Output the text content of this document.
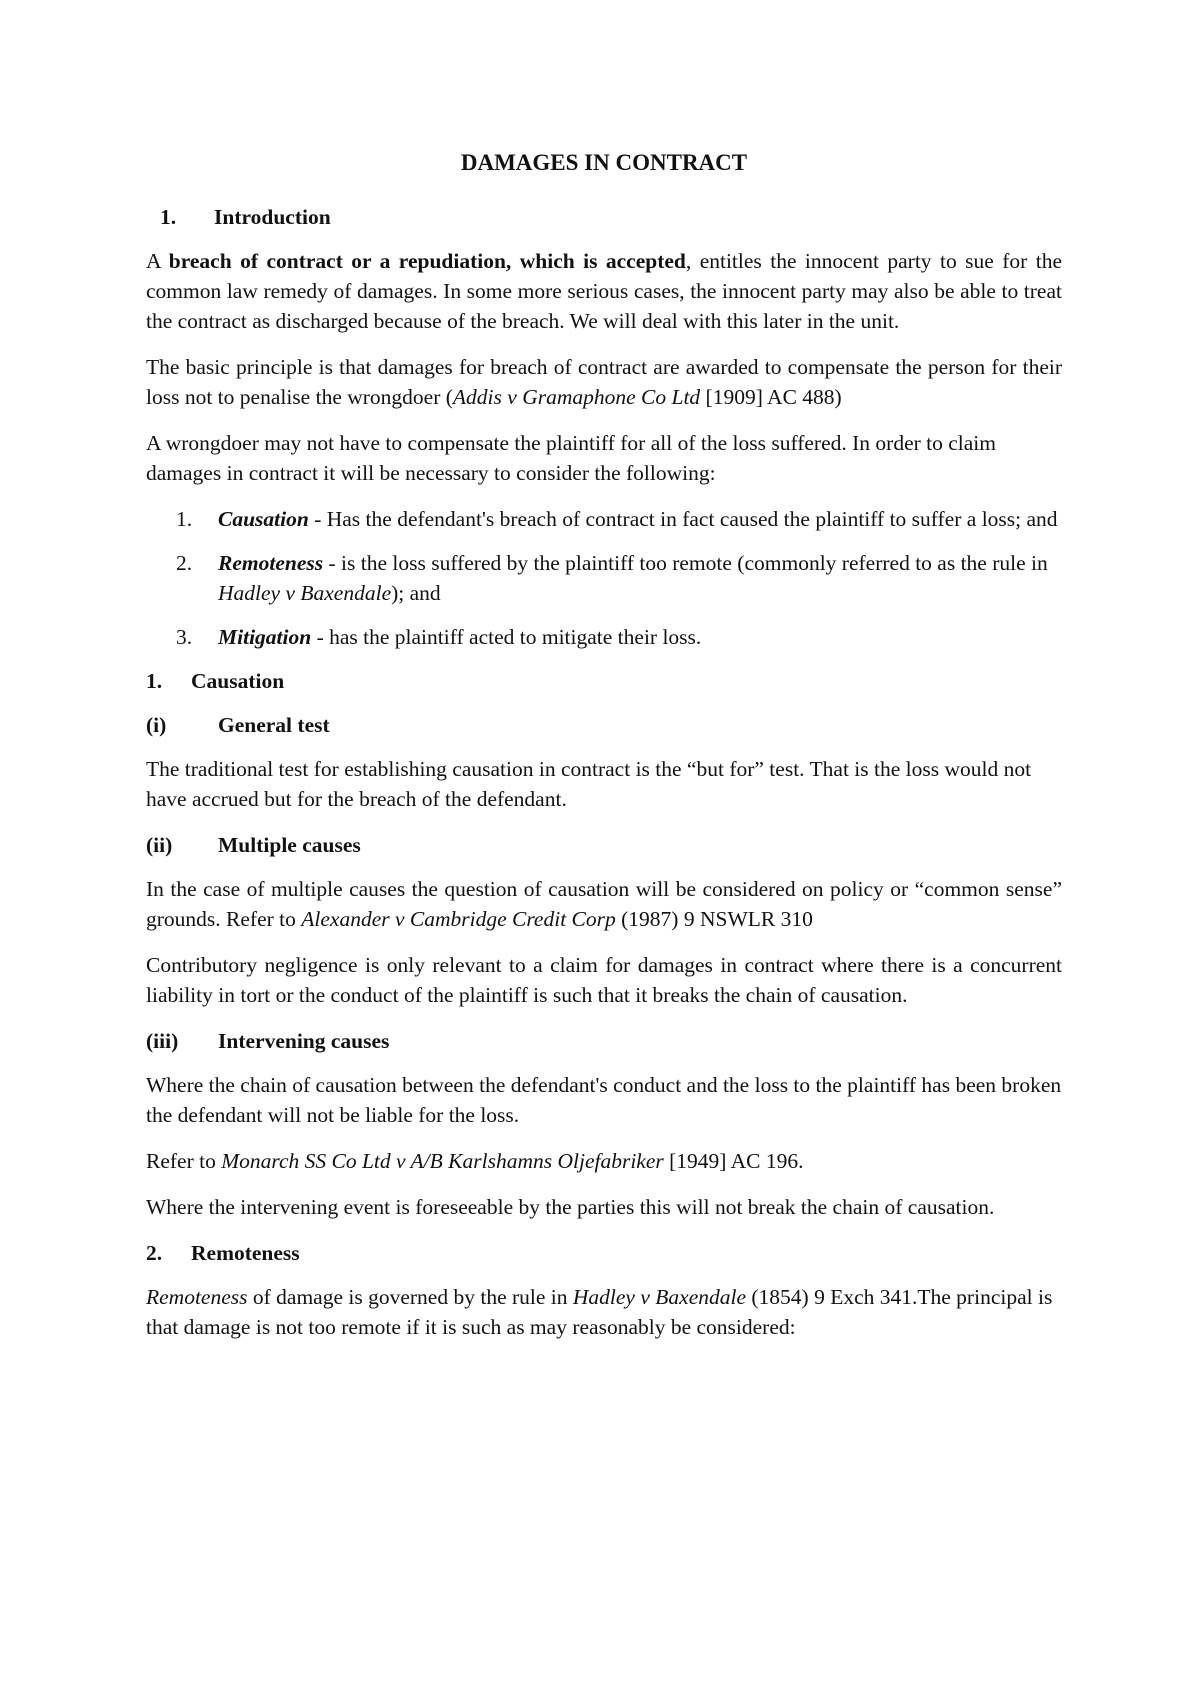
DAMAGES IN CONTRACT
1.	Introduction

A breach of contract or a repudiation, which is accepted, entitles the innocent party to sue for the common law remedy of damages. In some more serious cases, the innocent party may also be able to treat the contract as discharged because of the breach. We will deal with this later in the unit.

The basic principle is that damages for breach of contract are awarded to compensate the person for their loss not to penalise the wrongdoer (Addis v Gramaphone Co Ltd [1909] AC 488)

A wrongdoer may not have to compensate the plaintiff for all of the loss suffered. In order to claim damages in contract it will be necessary to consider the following:

1.	Causation - Has the defendant's breach of contract in fact caused the plaintiff to suffer a loss; and
2.	Remoteness - is the loss suffered by the plaintiff too remote (commonly referred to as the rule in Hadley v Baxendale); and
3.	Mitigation - has the plaintiff acted to mitigate their loss.
1.	Causation
(i)	General test

The traditional test for establishing causation in contract is the “but for” test. That is the loss would not have accrued but for the breach of the defendant.

(ii)	Multiple causes

In the case of multiple causes the question of causation will be considered on policy or “common sense” grounds. Refer to Alexander v Cambridge Credit Corp (1987) 9 NSWLR 310

Contributory negligence is only relevant to a claim for damages in contract where there is a concurrent liability in tort or the conduct of the plaintiff is such that it breaks the chain of causation.

(iii)	Intervening causes

Where the chain of causation between the defendant's conduct and the loss to the plaintiff has been broken the defendant will not be liable for the loss.

Refer to Monarch SS Co Ltd v A/B Karlshamns Oljefabriker [1949] AC 196.

Where the intervening event is foreseeable by the parties this will not break the chain of causation.

2.	Remoteness

Remoteness of damage is governed by the rule in Hadley v Baxendale (1854) 9 Exch 341.The principal is that damage is not too remote if it is such as may reasonably be considered:
